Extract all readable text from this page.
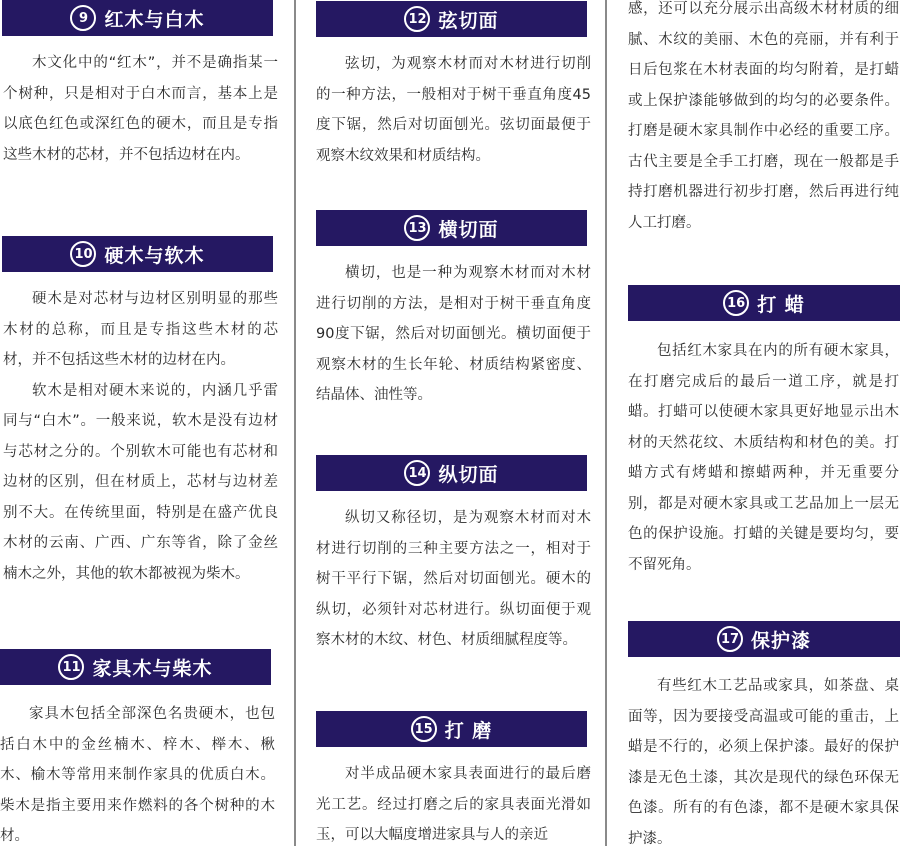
9 红木与白木

木文化中的“红木”，并不是确指某一个树种，只是相对于白木而言，基本上是以底色红色或深红色的硬木，而且是专指这些木材的芯材，并不包括边材在内。

10 硬木与软木

硬木是对芯材与边材区别明显的那些木材的总称，而且是专指这些木材的芯材，并不包括这些木材的边材在内。

软木是相对硬木来说的，内涵几乎雷同与“白木”。一般来说，软木是没有边材与芯材之分的。个别软木可能也有芯材和边材的区别，但在材质上，芯材与边材差别不大。在传统里面，特别是在盛产优良木材的云南、广西、广东等省，除了金丝楠木之外，其他的软木都被视为柴木。

11 家具木与柴木

家具木包括全部深色名贵硬木，也包括白木中的金丝楠木、梓木、榉木、楸木、榆木等常用来制作家具的优质白木。柴木是指主要用来作燃料的各个树种的木材。

12 弦切面

弦切，为观察木材而对木材进行切削的一种方法，一般相对于树干垂直角度45度下锯，然后对切面刨光。弦切面最便于观察木纹效果和材质结构。

13 横切面

横切，也是一种为观察木材而对木材进行切削的方法，是相对于树干垂直角度90度下锯，然后对切面刨光。横切面便于观察木材的生长年轮、材质结构紧密度、结晶体、油性等。

14 纵切面

纵切又称径切，是为观察木材而对木材进行切削的三种主要方法之一，相对于树干平行下锯，然后对切面刨光。硬木的纵切，必须针对芯材进行。纵切面便于观察木材的木纹、材色、材质细腻程度等。

15 打 磨

对半成品硬木家具表面进行的最后磨光工艺。经过打磨之后的家具表面光滑如玉，可以大幅度增进家具与人的亲近

感，还可以充分展示出高级木材材质的细腻、木纹的美丽、木色的亮丽，并有利于日后包浆在木材表面的均匀附着，是打蜡或上保护漆能够做到的均匀的必要条件。打磨是硬木家具制作中必经的重要工序。古代主要是全手工打磨，现在一般都是手持打磨机器进行初步打磨，然后再进行纯人工打磨。

16 打 蜡

包括红木家具在内的所有硬木家具，在打磨完成后的最后一道工序，就是打蜡。打蜡可以使硬木家具更好地显示出木材的天然花纹、木质结构和材色的美。打蜡方式有烤蜡和擦蜡两种，并无重要分别，都是对硬木家具或工艺品加上一层无色的保护设施。打蜡的关键是要均匀，要不留死角。

17 保护漆

有些红木工艺品或家具，如茶盘、桌面等，因为要接受高温或可能的重击，上蜡是不行的，必须上保护漆。最好的保护漆是无色土漆，其次是现代的绿色环保无色漆。所有的有色漆，都不是硬木家具保护漆。
